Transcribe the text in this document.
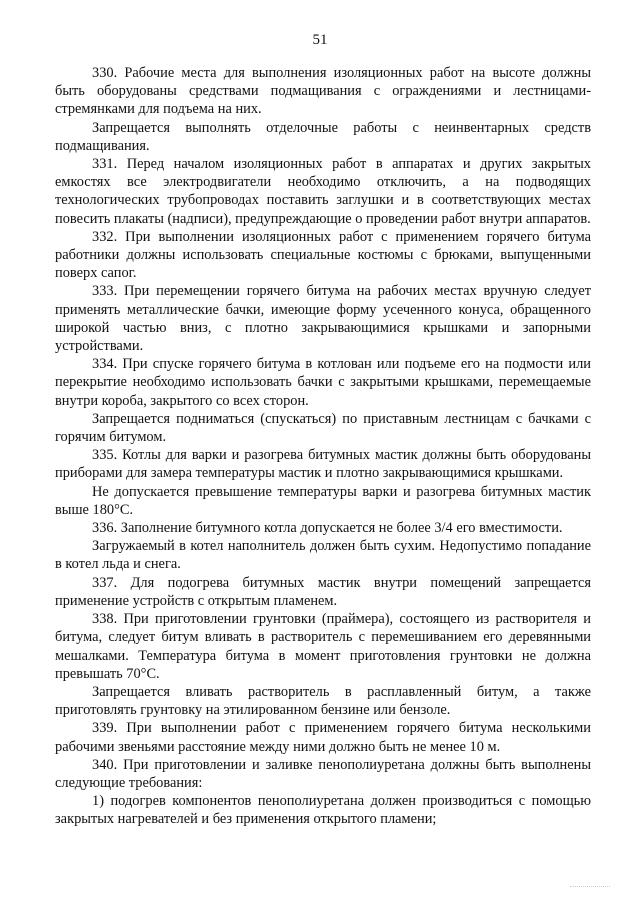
51

330. Рабочие места для выполнения изоляционных работ на высоте должны быть оборудованы средствами подмащивания с ограждениями и лестницами-стремянками для подъема на них.

Запрещается выполнять отделочные работы с неинвентарных средств подмащивания.

331. Перед началом изоляционных работ в аппаратах и других закрытых емкостях все электродвигатели необходимо отключить, а на подводящих технологических трубопроводах поставить заглушки и в соответствующих местах повесить плакаты (надписи), предупреждающие о проведении работ внутри аппаратов.

332. При выполнении изоляционных работ с применением горячего битума работники должны использовать специальные костюмы с брюками, выпущенными поверх сапог.

333. При перемещении горячего битума на рабочих местах вручную следует применять металлические бачки, имеющие форму усеченного конуса, обращенного широкой частью вниз, с плотно закрывающимися крышками и запорными устройствами.

334. При спуске горячего битума в котлован или подъеме его на подмости или перекрытие необходимо использовать бачки с закрытыми крышками, перемещаемые внутри короба, закрытого со всех сторон.

Запрещается подниматься (спускаться) по приставным лестницам с бачками с горячим битумом.

335. Котлы для варки и разогрева битумных мастик должны быть оборудованы приборами для замера температуры мастик и плотно закрывающимися крышками.

Не допускается превышение температуры варки и разогрева битумных мастик выше 180°С.

336. Заполнение битумного котла допускается не более 3/4 его вместимости.

Загружаемый в котел наполнитель должен быть сухим. Недопустимо попадание в котел льда и снега.

337. Для подогрева битумных мастик внутри помещений запрещается применение устройств с открытым пламенем.

338. При приготовлении грунтовки (праймера), состоящего из растворителя и битума, следует битум вливать в растворитель с перемешиванием его деревянными мешалками. Температура битума в момент приготовления грунтовки не должна превышать 70°С.

Запрещается вливать растворитель в расплавленный битум, а также приготовлять грунтовку на этилированном бензине или бензоле.

339. При выполнении работ с применением горячего битума несколькими рабочими звеньями расстояние между ними должно быть не менее 10 м.

340. При приготовлении и заливке пенополиуретана должны быть выполнены следующие требования:

1) подогрев компонентов пенополиуретана должен производиться с помощью закрытых нагревателей и без применения открытого пламени;
